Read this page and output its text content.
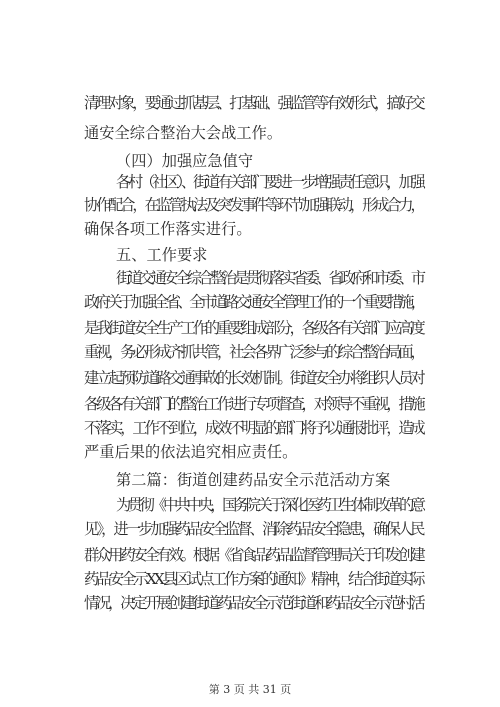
清理对象，要通过抓基层、打基础、强监管等有效形式，搞好交
通安全综合整治大会战工作。
（四）加强应急值守
各村（社区）、街道有关部门要进一步增强责任意识，加强
协作配合，在监管执法及突发事件等环节加强联动，形成合力，
确保各项工作落实进行。
五、工作要求
街道交通安全综合整治是贯彻落实省委、省政府和市委、市
政府关于加强全省、全市道路交通安全管理工作的一个重要措施，
是我街道安全生产工作的重要组成部分，各级各有关部门应高度
重视，务必形成齐抓共管，社会各界广泛参与的综合整治局面，
建立起预防道路交通事故的长效机制。街道安全办将组织人员对
各级各有关部门的整治工作进行专项督查，对领导不重视，措施
不落实，工作不到位，成效不明显的部门将予以通报批评，造成
严重后果的依法追究相应责任。
第二篇：街道创建药品安全示范活动方案
为贯彻《中共中央，国务院关于深化医药卫生体制改革的意
见》，进一步加强药品安全监督、消除药品安全隐患，确保人民
群众用药安全有效。根据《省食品药品监督管理局关于印发创建
药品安全示XX县区试点工作方案的通知》精神，结合街道实际
情况，决定开展创建街道药品安全示范街道和药品安全示范村活
第 3 页 共 31 页
